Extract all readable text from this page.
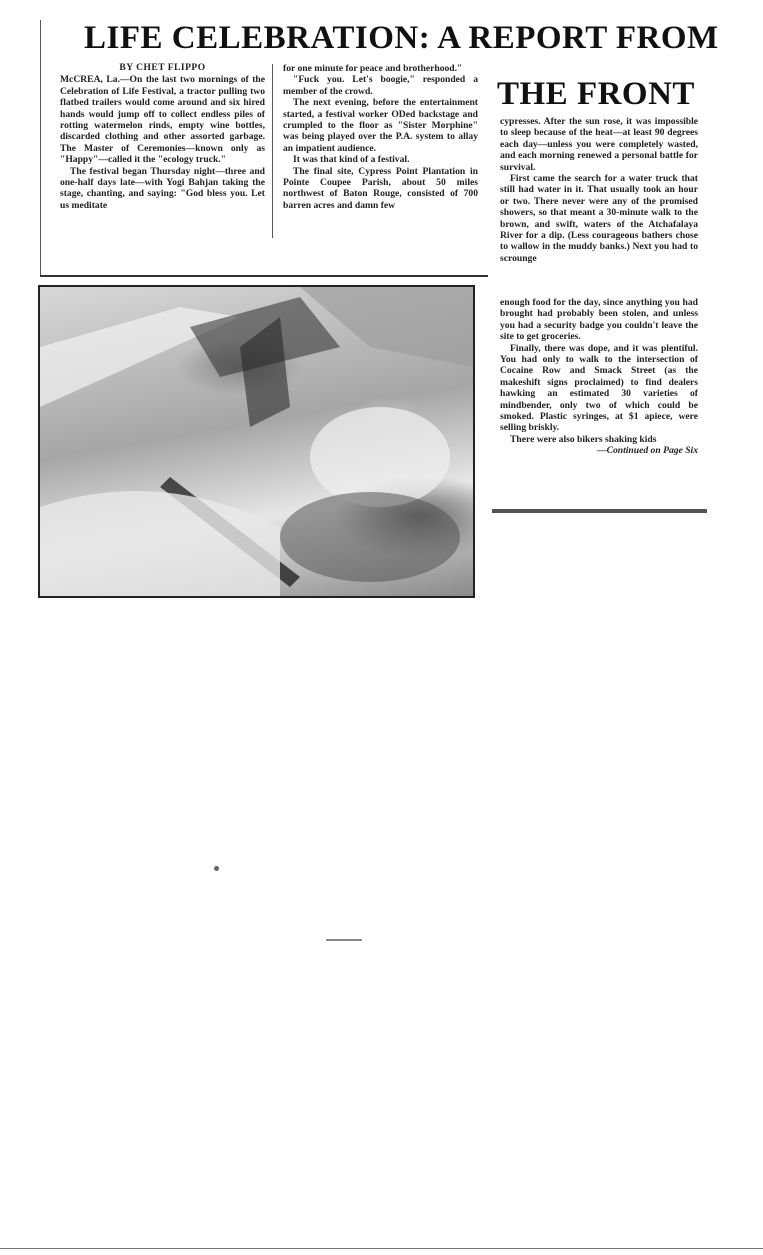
LIFE CELEBRATION: A REPORT FROM
THE FRONT
BY CHET FLIPPO

McCREA, La.—On the last two mornings of the Celebration of Life Festival, a tractor pulling two flatbed trailers would come around and six hired hands would jump off to collect endless piles of rotting watermelon rinds, empty wine bottles, discarded clothing and other assorted garbage. The Master of Ceremonies—known only as "Happy"—called it the "ecology truck."

The festival began Thursday night—three and one-half days late—with Yogi Bahjan taking the stage, chanting, and saying: "God bless you. Let us meditate

for one minute for peace and brotherhood."

"Fuck you. Let's boogie," responded a member of the crowd.

The next evening, before the entertainment started, a festival worker ODed backstage and crumpled to the floor as "Sister Morphine" was being played over the P.A. system to allay an impatient audience.

It was that kind of a festival.

The final site, Cypress Point Plantation in Pointe Coupee Parish, about 50 miles northwest of Baton Rouge, consisted of 700 barren acres and damn few

cypresses. After the sun rose, it was impossible to sleep because of the heat—at least 90 degrees each day—unless you were completely wasted, and each morning renewed a personal battle for survival.

First came the search for a water truck that still had water in it. That usually took an hour or two. There never were any of the promised showers, so that meant a 30-minute walk to the brown, and swift, waters of the Atchafalaya River for a dip. (Less courageous bathers chose to wallow in the muddy banks.) Next you had to scrounge

enough food for the day, since anything you had brought had probably been stolen, and unless you had a security badge you couldn't leave the site to get groceries.

Finally, there was dope, and it was plentiful. You had only to walk to the intersection of Cocaine Row and Smack Street (as the makeshift signs proclaimed) to find dealers hawking an estimated 30 varieties of mindbender, only two of which could be smoked. Plastic syringes, at $1 apiece, were selling briskly.

There were also bikers shaking kids

—Continued on Page Six
